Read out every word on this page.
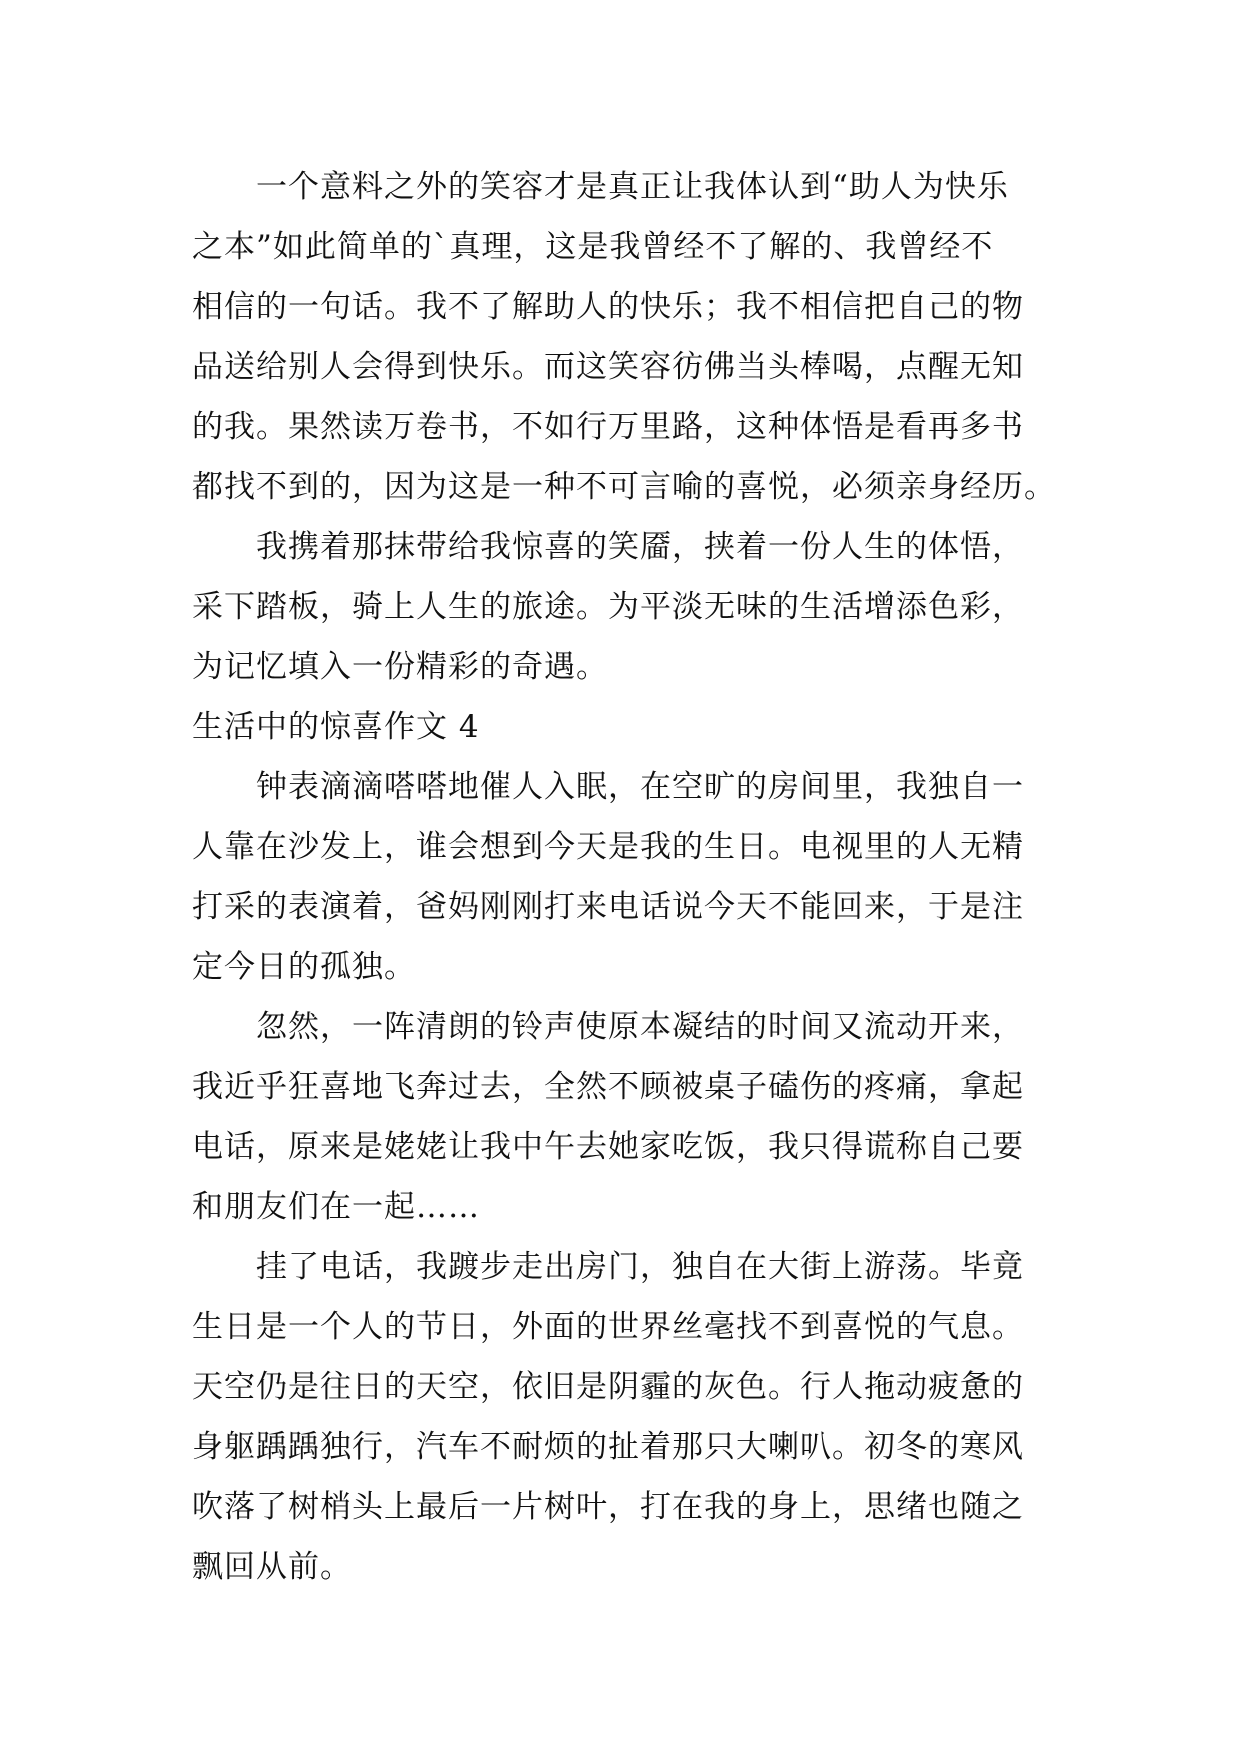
一个意料之外的笑容才是真正让我体认到“助人为快乐
之本”如此简单的`真理，这是我曾经不了解的、我曾经不
相信的一句话。我不了解助人的快乐；我不相信把自己的物
品送给别人会得到快乐。而这笑容彷佛当头棒喝，点醒无知
的我。果然读万卷书，不如行万里路，这种体悟是看再多书
都找不到的，因为这是一种不可言喻的喜悦，必须亲身经历。
我携着那抹带给我惊喜的笑靥，挟着一份人生的体悟，
采下踏板，骑上人生的旅途。为平淡无味的生活增添色彩，
为记忆填入一份精彩的奇遇。
生活中的惊喜作文 4
钟表滴滴嗒嗒地催人入眠，在空旷的房间里，我独自一
人靠在沙发上，谁会想到今天是我的生日。电视里的人无精
打采的表演着，爸妈刚刚打来电话说今天不能回来，于是注
定今日的孤独。
忽然，一阵清朗的铃声使原本凝结的时间又流动开来，
我近乎狂喜地飞奔过去，全然不顾被桌子磕伤的疼痛，拿起
电话，原来是姥姥让我中午去她家吃饭，我只得谎称自己要
和朋友们在一起……
挂了电话，我踱步走出房门，独自在大街上游荡。毕竟
生日是一个人的节日，外面的世界丝毫找不到喜悦的气息。
天空仍是往日的天空，依旧是阴霾的灰色。行人拖动疲惫的
身躯踽踽独行，汽车不耐烦的扯着那只大喇叭。初冬的寒风
吹落了树梢头上最后一片树叶，打在我的身上，思绪也随之
飘回从前。
